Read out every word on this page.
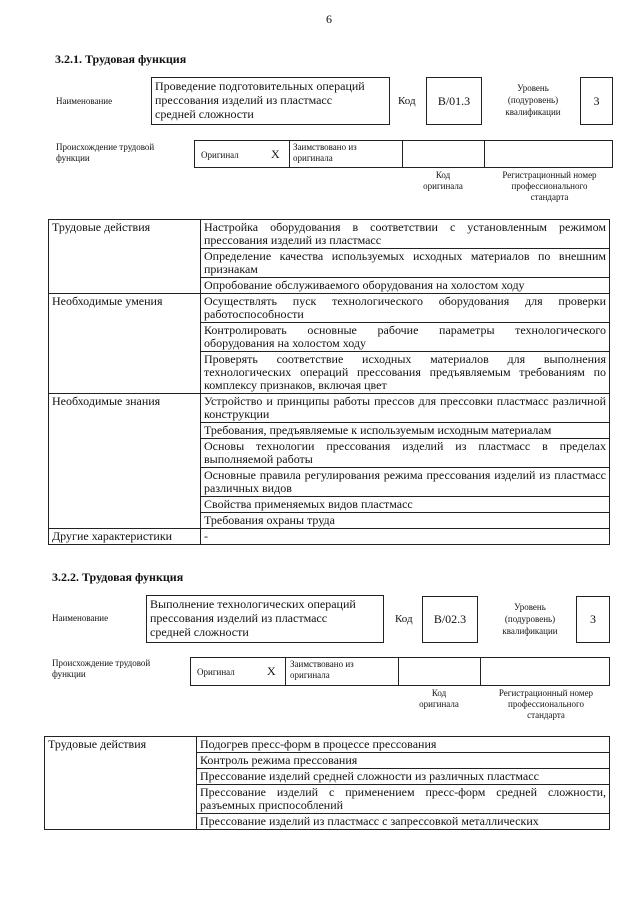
6
3.2.1. Трудовая функция
Наименование
Проведение подготовительных операций
прессования изделий из пластмасс
средней сложности
Код	B/01.3
Уровень
(подуровень)
квалификации
3
Происхождение трудовой
функции	Оригинал	X Заимствовано из
оригинала
Код
оригинала
Регистрационный номер
профессионального
стандарта
Трудовые действия	Настройка оборудования в соответствии с установленным режимом прессования изделий из пластмасс
	Определение качества используемых исходных материалов по внешним признакам
	Опробование обслуживаемого оборудования на холостом ходу
Необходимые умения	Осуществлять пуск технологического оборудования для проверки работоспособности
	Контролировать основные рабочие параметры технологического оборудования на холостом ходу
	Проверять соответствие исходных материалов для выполнения технологических операций прессования предъявляемым требованиям по комплексу признаков, включая цвет
Необходимые знания	Устройство и принципы работы прессов для прессовки пластмасс различной конструкции
	Требования, предъявляемые к используемым исходным материалам
	Основы технологии прессования изделий из пластмасс в пределах выполняемой работы
	Основные правила регулирования режима прессования изделий из пластмасс различных видов
	Свойства применяемых видов пластмасс
	Требования охраны труда
Другие характеристики	-
3.2.2. Трудовая функция
Наименование
Выполнение технологических операций
прессования изделий из пластмасс
средней сложности
Код	B/02.3
Уровень
(подуровень)
квалификации
3
Происхождение трудовой
функции	Оригинал	X Заимствовано из
оригинала
Код
оригинала
Регистрационный номер
профессионального
стандарта
Трудовые действия	Подогрев пресс-форм в процессе прессования
Контроль режима прессования
Прессование изделий средней сложности из различных пластмасс
Прессование изделий с применением пресс-форм средней сложности, разъемных приспособлений
Прессование изделий из пластмасс с запрессовкой металлических
